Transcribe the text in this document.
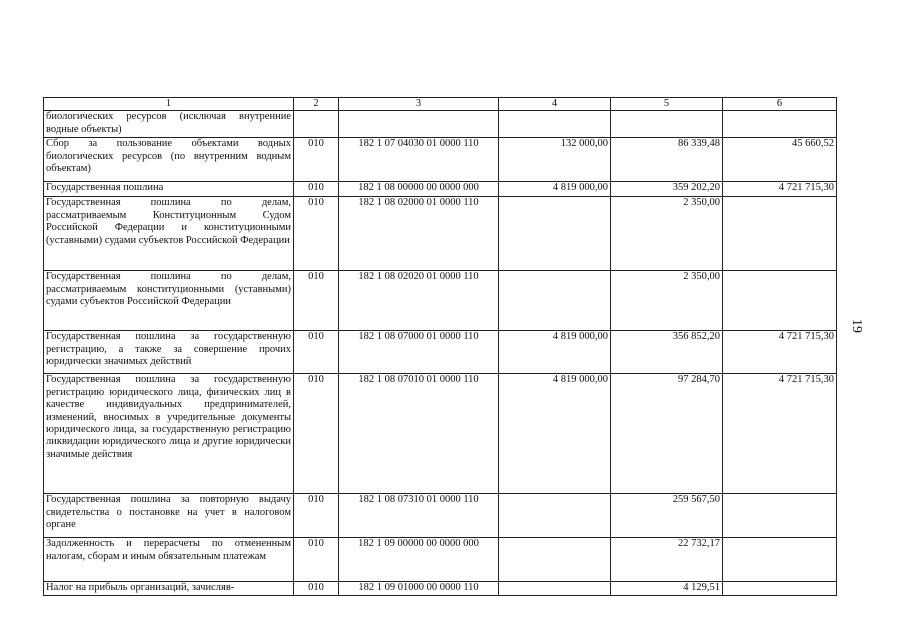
1	2	3	4	5	6
биологических ресурсов (исключая внутренние водные объекты)					
Сбор за пользование объектами водных биологических ресурсов (по внутренним водным объектам)	010	182 1 07 04030 01 0000 110	132 000,00	86 339,48	45 660,52
Государственная пошлина	010	182 1 08 00000 00 0000 000	4 819 000,00	359 202,20	4 721 715,30
Государственная пошлина по делам, рассматриваемым Конституционным Судом Российской Федерации и конституционными (уставными) судами субъектов Российской Федерации	010	182 1 08 02000 01 0000 110		2 350,00	
Государственная пошлина по делам, рассматриваемым конституционными (уставными) судами субъектов Российской Федерации	010	182 1 08 02020 01 0000 110		2 350,00	
Государственная пошлина за государственную регистрацию, а также за совершение прочих юридически значимых действий	010	182 1 08 07000 01 0000 110	4 819 000,00	356 852,20	4 721 715,30
Государственная пошлина за государственную регистрацию юридического лица, физических лиц в качестве индивидуальных предпринимателей, изменений, вносимых в учредительные документы юридического лица, за государственную регистрацию ликвидации юридического лица и другие юридически значимые действия	010	182 1 08 07010 01 0000 110	4 819 000,00	97 284,70	4 721 715,30
Государственная пошлина за повторную выдачу свидетельства о постановке на учет в налоговом органе	010	182 1 08 07310 01 0000 110		259 567,50	
Задолженность и перерасчеты по отмененным налогам, сборам и иным обязательным платежам	010	182 1 09 00000 00 0000 000		22 732,17	
Налог на прибыль организаций, зачисляв-	010	182 1 09 01000 00 0000 110		4 129,51	
19
